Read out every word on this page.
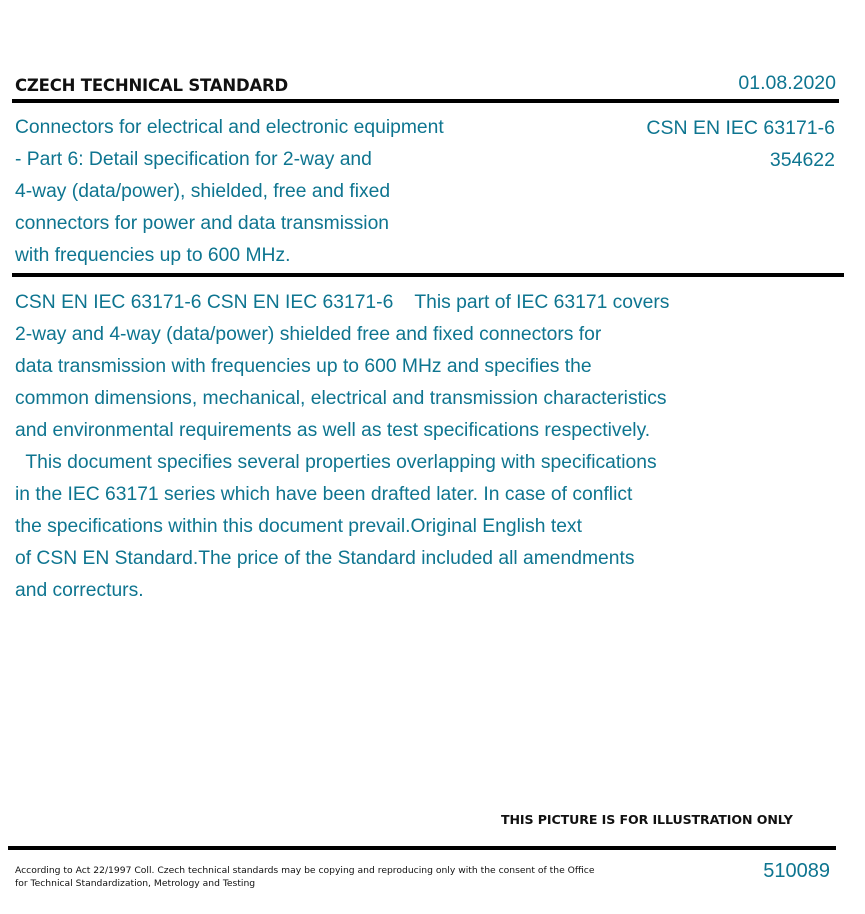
CZECH TECHNICAL STANDARD	01.08.2020
Connectors for electrical and electronic equipment
- Part 6: Detail specification for 2-way and
4-way (data/power), shielded, free and fixed
connectors for power and data transmission
with frequencies up to 600 MHz.
CSN EN IEC 63171-6
354622
CSN EN IEC 63171-6 CSN EN IEC 63171-6    This part of IEC 63171 covers
2-way and 4-way (data/power) shielded free and fixed connectors for
data transmission with frequencies up to 600 MHz and specifies the
common dimensions, mechanical, electrical and transmission characteristics
and environmental requirements as well as test specifications respectively.
This document specifies several properties overlapping with specifications
in the IEC 63171 series which have been drafted later. In case of conflict
the specifications within this document prevail.Original English text
of CSN EN Standard.The price of the Standard included all amendments
and correcturs.
THIS PICTURE IS FOR ILLUSTRATION ONLY
According to Act 22/1997 Coll. Czech technical standards may be copying and reproducing only with the consent of the Office
for Technical Standardization, Metrology and Testing
510089
